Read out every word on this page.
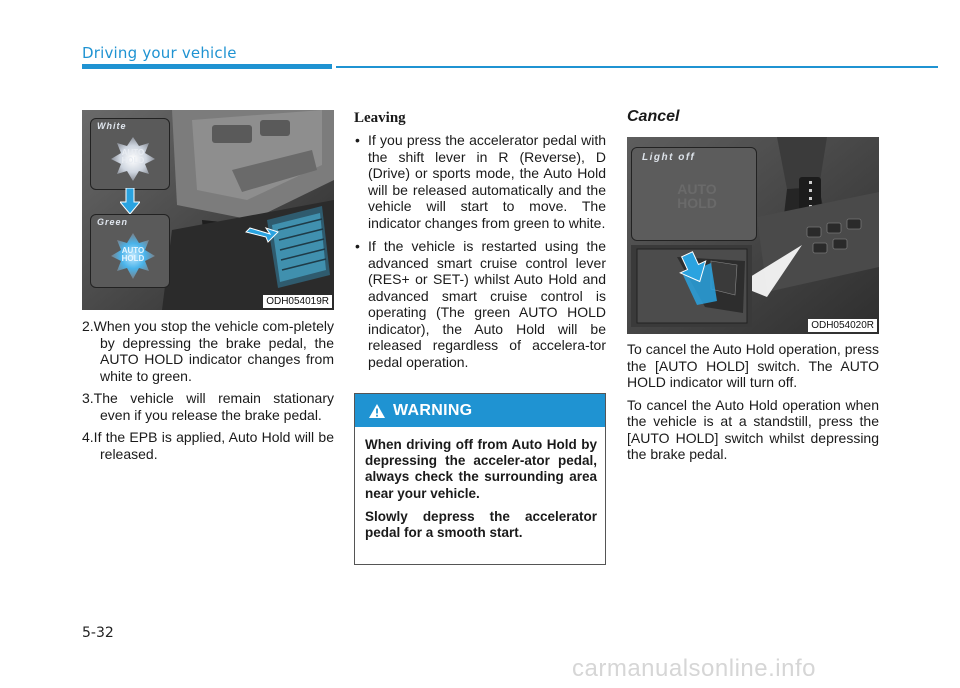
Driving your vehicle
White
AUTO
HOLD
Green
AUTO
HOLD
ODH054019R

2.When you stop the vehicle com-pletely by depressing the brake pedal, the AUTO HOLD indicator changes from white to green.

3.The vehicle will remain stationary even if you release the brake pedal.

4.If the EPB is applied, Auto Hold will be released.

Leaving
• If you press the accelerator pedal with the shift lever in R (Reverse), D (Drive) or sports mode, the Auto Hold will be released automatically and the vehicle will start to move. The indicator changes from green to white.
• If the vehicle is restarted using the advanced smart cruise control lever (RES+ or SET-) whilst Auto Hold and advanced smart cruise control is operating (The green AUTO HOLD indicator), the Auto Hold will be released regardless of accelera-tor pedal operation.
WARNING

When driving off from Auto Hold by depressing the acceler-ator pedal, always check the surrounding area near your vehicle.

Slowly depress the accelerator pedal for a smooth start.

Cancel
Light off
AUTO
HOLD
ODH054020R

To cancel the Auto Hold operation, press the [AUTO HOLD] switch. The AUTO HOLD indicator will turn off.

To cancel the Auto Hold operation when the vehicle is at a standstill, press the [AUTO HOLD] switch whilst depressing the brake pedal.

5-32
carmanualsonline.info
